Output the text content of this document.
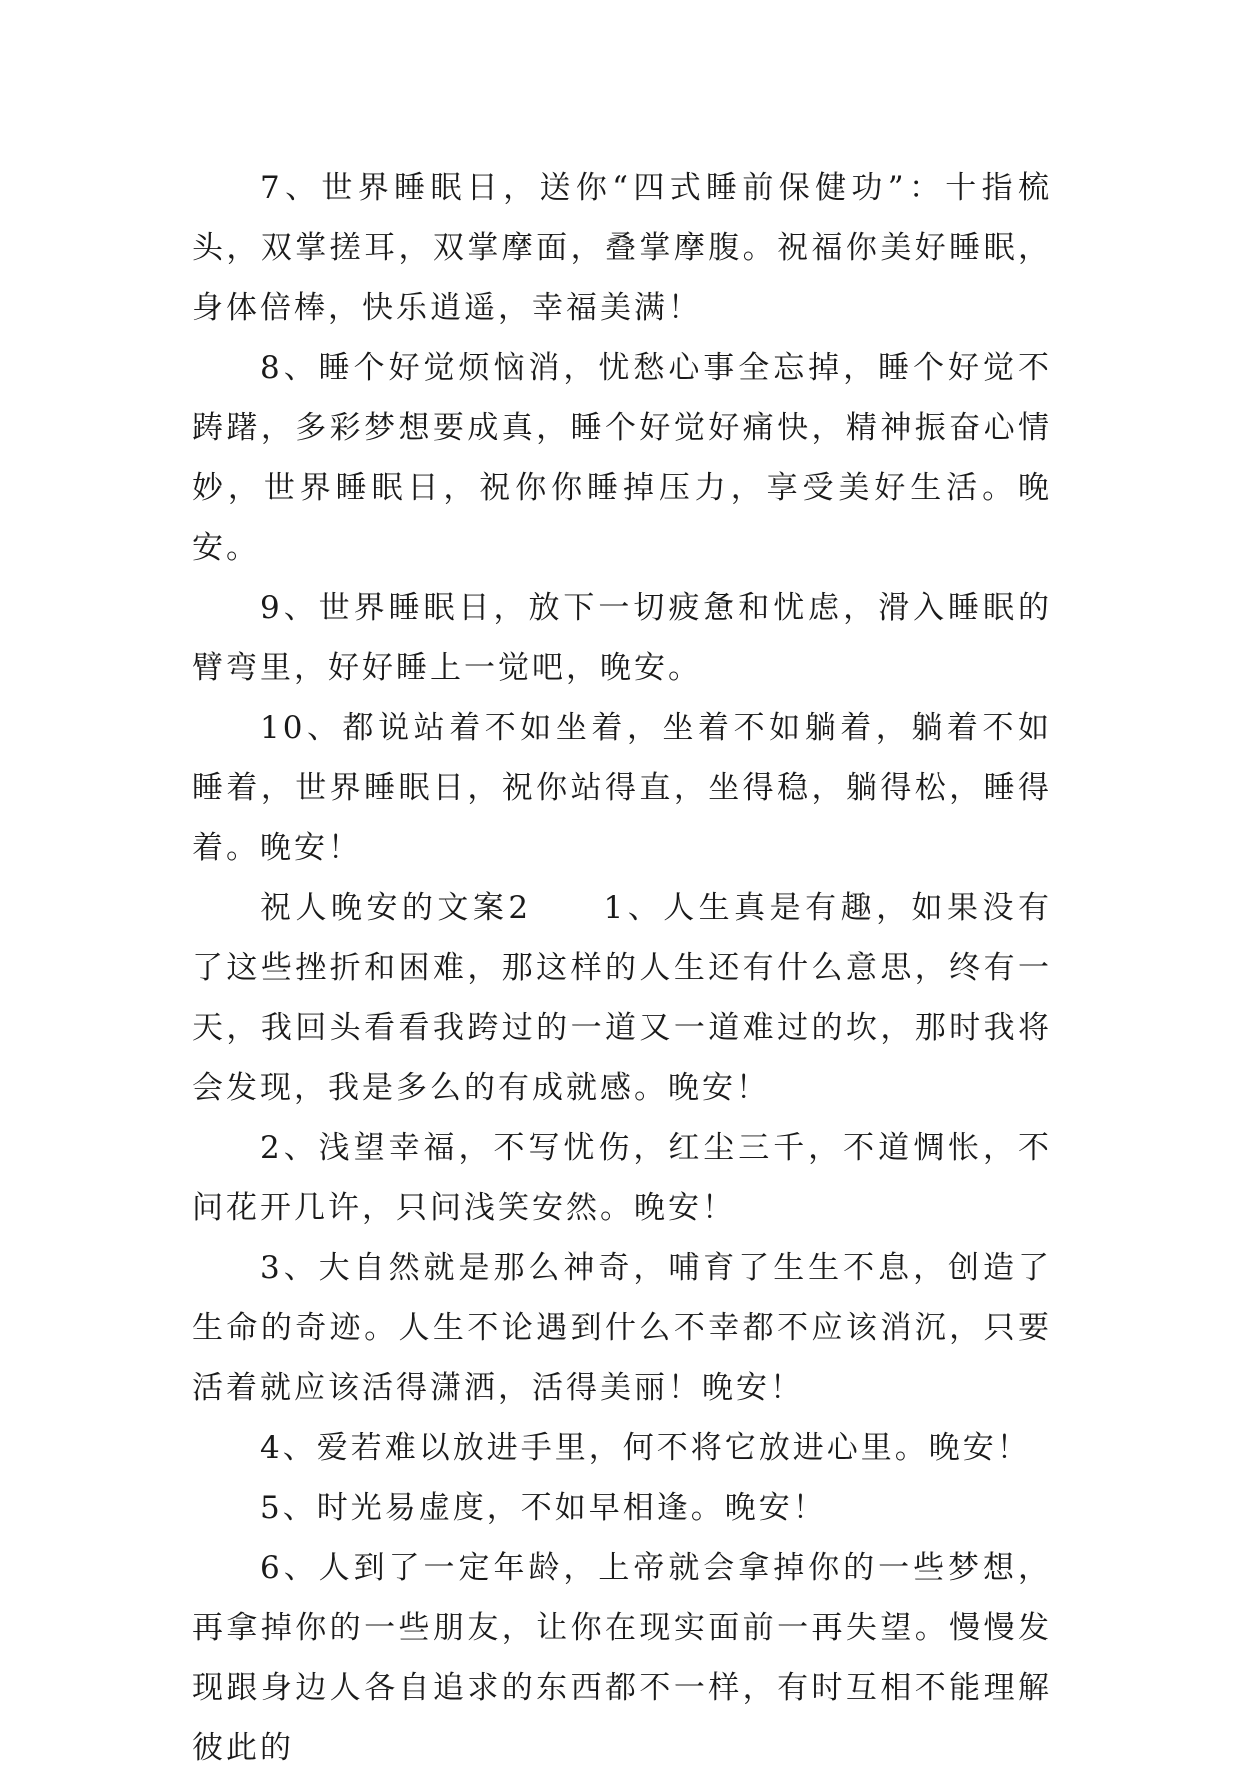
7、世界睡眠日，送你“四式睡前保健功”：十指梳头，双掌搓耳，双掌摩面，叠掌摩腹。祝福你美好睡眠，身体倍棒，快乐逍遥，幸福美满！

8、睡个好觉烦恼消，忧愁心事全忘掉，睡个好觉不踌躇，多彩梦想要成真，睡个好觉好痛快，精神振奋心情妙，世界睡眠日，祝你你睡掉压力，享受美好生活。晚安。

9、世界睡眠日，放下一切疲惫和忧虑，滑入睡眠的臂弯里，好好睡上一觉吧，晚安。

10、都说站着不如坐着，坐着不如躺着，躺着不如睡着，世界睡眠日，祝你站得直，坐得稳，躺得松，睡得着。晚安！

祝人晚安的文案2　　1、人生真是有趣，如果没有了这些挫折和困难，那这样的人生还有什么意思，终有一天，我回头看看我跨过的一道又一道难过的坎，那时我将会发现，我是多么的有成就感。晚安！

2、浅望幸福，不写忧伤，红尘三千，不道惆怅，不问花开几许，只问浅笑安然。晚安！

3、大自然就是那么神奇，哺育了生生不息，创造了生命的奇迹。人生不论遇到什么不幸都不应该消沉，只要活着就应该活得潇洒，活得美丽！晚安！

4、爱若难以放进手里，何不将它放进心里。晚安！

5、时光易虚度，不如早相逢。晚安！

6、人到了一定年龄，上帝就会拿掉你的一些梦想，再拿掉你的一些朋友，让你在现实面前一再失望。慢慢发现跟身边人各自追求的东西都不一样，有时互相不能理解彼此的
